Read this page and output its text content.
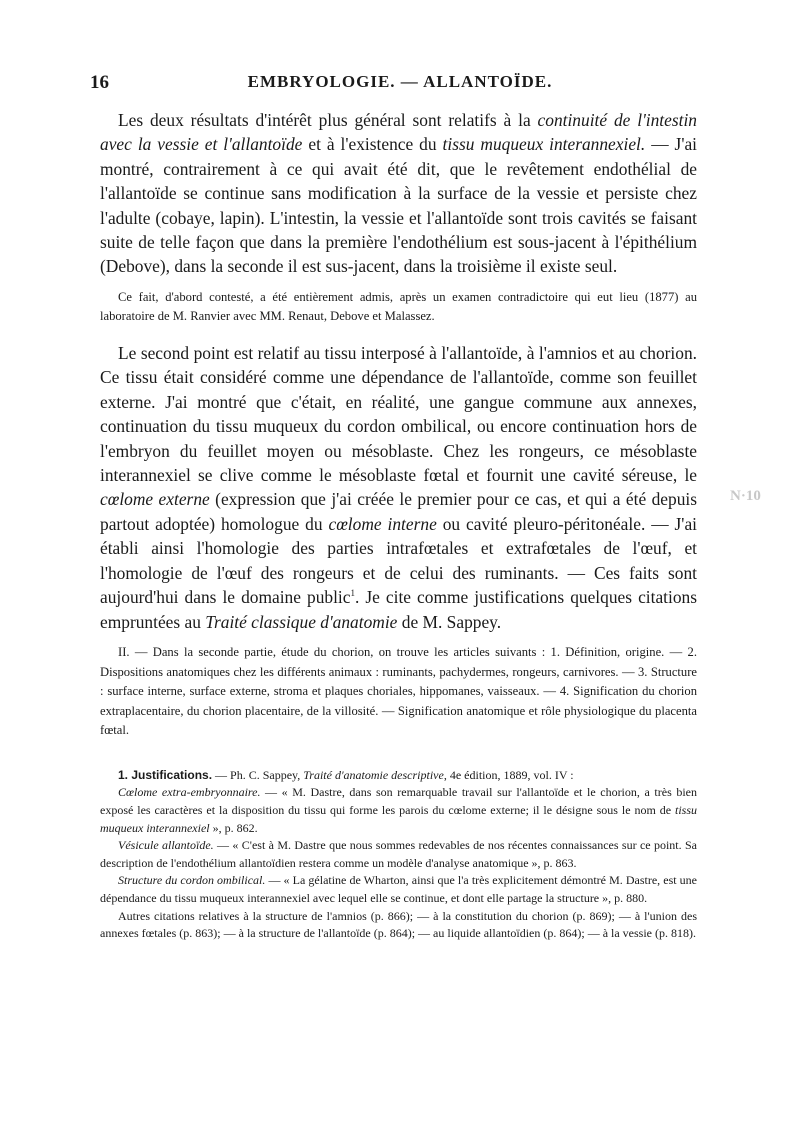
16	EMBRYOLOGIE. — ALLANTOÏDE.
N·10

Les deux résultats d'intérêt plus général sont relatifs à la continuité de l'intestin avec la vessie et l'allantoïde et à l'existence du tissu muqueux interannexiel. — J'ai montré, contrairement à ce qui avait été dit, que le revêtement endothélial de l'allantoïde se continue sans modification à la surface de la vessie et persiste chez l'adulte (cobaye, lapin). L'intestin, la vessie et l'allantoïde sont trois cavités se faisant suite de telle façon que dans la première l'endothélium est sous-jacent à l'épithélium (Debove), dans la seconde il est sus-jacent, dans la troisième il existe seul.

Ce fait, d'abord contesté, a été entièrement admis, après un examen contradictoire qui eut lieu (1877) au laboratoire de M. Ranvier avec MM. Renaut, Debove et Malassez.

Le second point est relatif au tissu interposé à l'allantoïde, à l'amnios et au chorion. Ce tissu était considéré comme une dépendance de l'allantoïde, comme son feuillet externe. J'ai montré que c'était, en réalité, une gangue commune aux annexes, continuation du tissu muqueux du cordon ombilical, ou encore continuation hors de l'embryon du feuillet moyen ou mésoblaste. Chez les rongeurs, ce mésoblaste interannexiel se clive comme le mésoblaste fœtal et fournit une cavité séreuse, le cœlome externe (expression que j'ai créée le premier pour ce cas, et qui a été depuis partout adoptée) homologue du cœlome interne ou cavité pleuro-péritonéale. — J'ai établi ainsi l'homologie des parties intrafœtales et extrafœtales de l'œuf, et l'homologie de l'œuf des rongeurs et de celui des ruminants. — Ces faits sont aujourd'hui dans le domaine public$^1$. Je cite comme justifications quelques citations empruntées au Traité classique d'anatomie de M. Sappey.

II. — Dans la seconde partie, étude du chorion, on trouve les articles suivants : 1. Définition, origine. — 2. Dispositions anatomiques chez les différents animaux : ruminants, pachydermes, rongeurs, carnivores. — 3. Structure : surface interne, surface externe, stroma et plaques choriales, hippomanes, vaisseaux. — 4. Signification du chorion extraplacentaire, du chorion placentaire, de la villosité. — Signification anatomique et rôle physiologique du placenta fœtal.

1. Justifications. — Ph. C. Sappey, Traité d'anatomie descriptive, 4e édition, 1889, vol. IV :

Cœlome extra-embryonnaire. — « M. Dastre, dans son remarquable travail sur l'allantoïde et le chorion, a très bien exposé les caractères et la disposition du tissu qui forme les parois du cœlome externe; il le désigne sous le nom de tissu muqueux interannexiel », p. 862.

Vésicule allantoïde. — « C'est à M. Dastre que nous sommes redevables de nos récentes connaissances sur ce point. Sa description de l'endothélium allantoïdien restera comme un modèle d'analyse anatomique », p. 863.

Structure du cordon ombilical. — « La gélatine de Wharton, ainsi que l'a très explicitement démontré M. Dastre, est une dépendance du tissu muqueux interannexiel avec lequel elle se continue, et dont elle partage la structure », p. 880.

Autres citations relatives à la structure de l'amnios (p. 866); — à la constitution du chorion (p. 869); — à l'union des annexes fœtales (p. 863); — à la structure de l'allantoïde (p. 864); — au liquide allantoïdien (p. 864); — à la vessie (p. 818).
